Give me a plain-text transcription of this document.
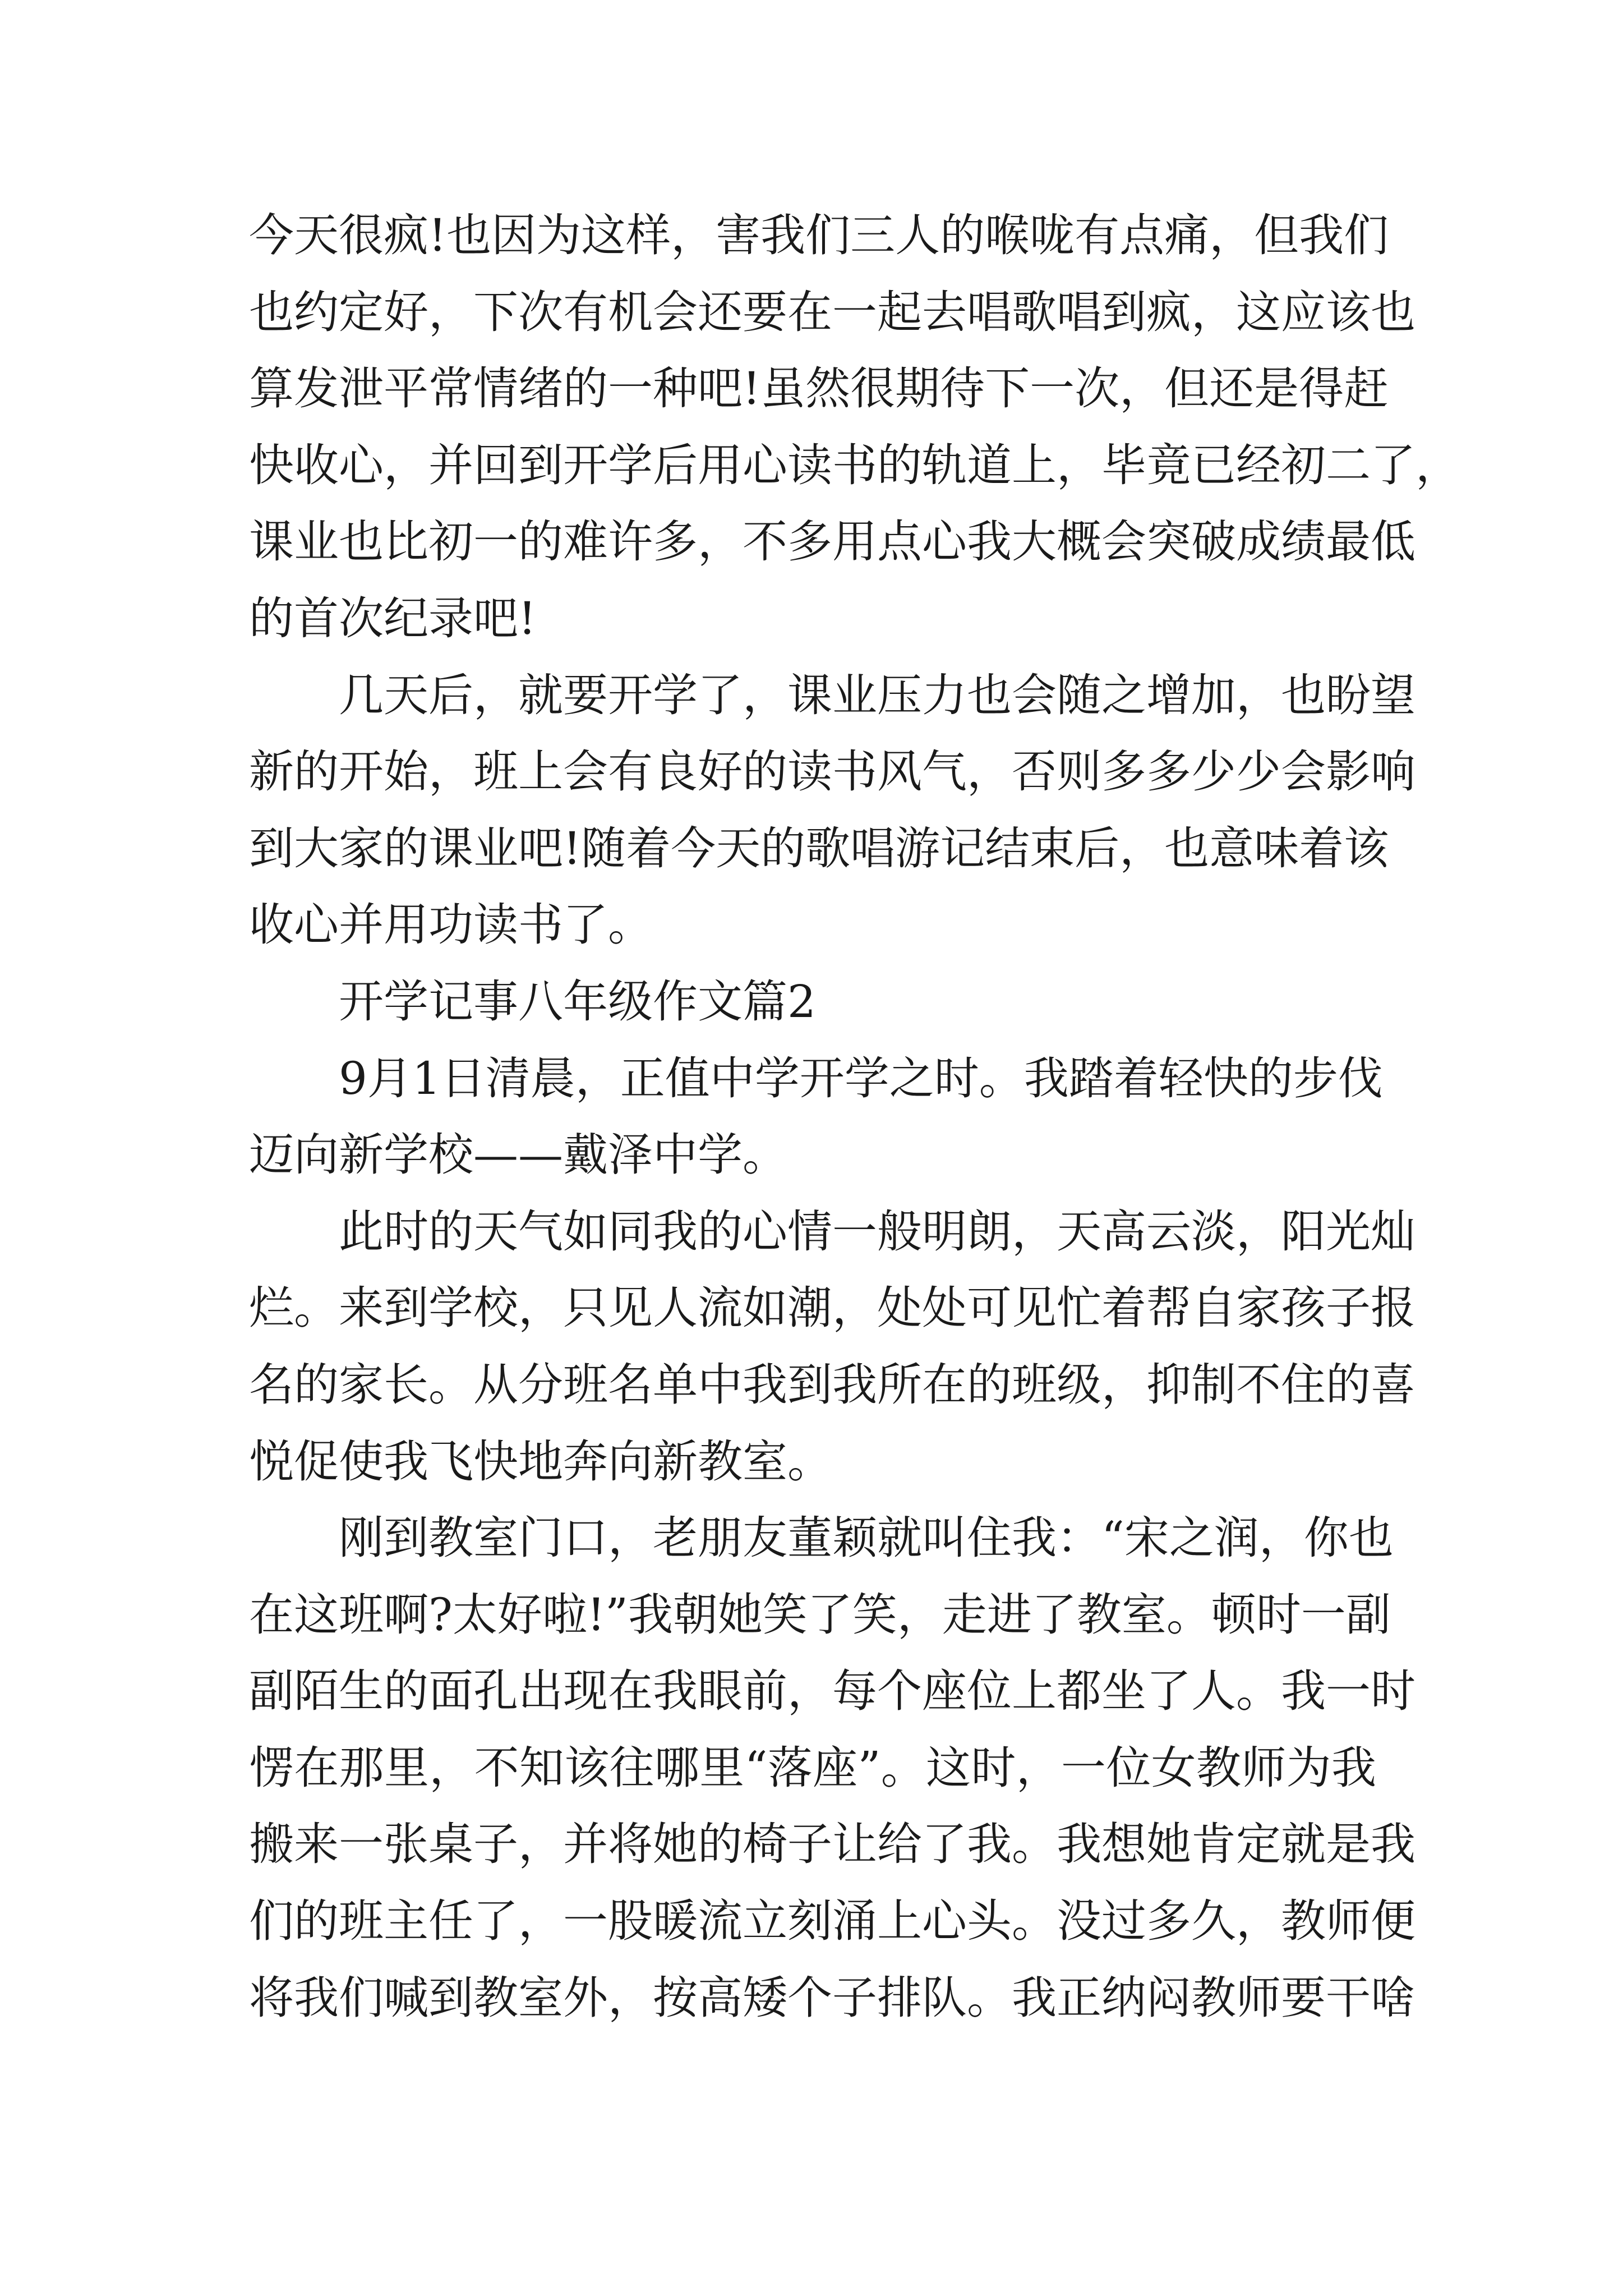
今天很疯!也因为这样，害我们三人的喉咙有点痛，但我们

也约定好，下次有机会还要在一起去唱歌唱到疯，这应该也

算发泄平常情绪的一种吧!虽然很期待下一次，但还是得赶

快收心，并回到开学后用心读书的轨道上，毕竟已经初二了，

课业也比初一的难许多，不多用点心我大概会突破成绩最低

的首次纪录吧!

几天后，就要开学了，课业压力也会随之增加，也盼望

新的开始，班上会有良好的读书风气，否则多多少少会影响

到大家的课业吧!随着今天的歌唱游记结束后，也意味着该

收心并用功读书了。

开学记事八年级作文篇2

9月1日清晨，正值中学开学之时。我踏着轻快的步伐

迈向新学校——戴泽中学。

此时的天气如同我的心情一般明朗，天高云淡，阳光灿

烂。来到学校，只见人流如潮，处处可见忙着帮自家孩子报

名的家长。从分班名单中我到我所在的班级，抑制不住的喜

悦促使我飞快地奔向新教室。

刚到教室门口，老朋友董颖就叫住我：“宋之润，你也

在这班啊?太好啦!”我朝她笑了笑，走进了教室。顿时一副

副陌生的面孔出现在我眼前，每个座位上都坐了人。我一时

愣在那里，不知该往哪里“落座”。这时，一位女教师为我

搬来一张桌子，并将她的椅子让给了我。我想她肯定就是我

们的班主任了，一股暖流立刻涌上心头。没过多久，教师便

将我们喊到教室外，按高矮个子排队。我正纳闷教师要干啥
